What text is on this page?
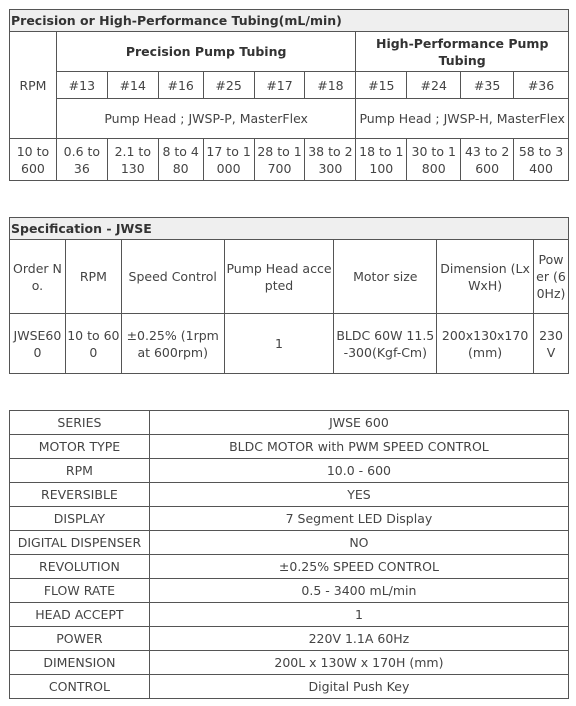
Precision or High-Performance Tubing(mL/min)										
RPM	Precision Pump Tubing						High-Performance Pump Tubing			
	#13	#14	#16	#25	#17	#18	#15	#24	#35	#36
	Pump Head ; JWSP-P, MasterFlex						Pump Head ; JWSP-H, MasterFlex			
10 to 600	0.6 to 36	2.1 to 130	8 to 480	17 to 1000	28 to 1700	38 to 2300	18 to 1100	30 to 1800	43 to 2600	58 to 3400
Specification - JWSE						
Order No.	RPM	Speed Control	Pump Head accepted	Motor size	Dimension (LxWxH)	Power (60Hz)
JWSE600	10 to 600	±0.25% (1rpm at 600rpm)	1	BLDC 60W 11.5-300(Kgf-Cm)	200x130x170 (mm)	230V
SERIES	JWSE 600
MOTOR TYPE	BLDC MOTOR with PWM SPEED CONTROL
RPM	10.0 - 600
REVERSIBLE	YES
DISPLAY	7 Segment LED Display
DIGITAL DISPENSER	NO
REVOLUTION	±0.25% SPEED CONTROL
FLOW RATE	0.5 - 3400 mL/min
HEAD ACCEPT	1
POWER	220V 1.1A 60Hz
DIMENSION	200L x 130W x 170H (mm)
CONTROL	Digital Push Key
